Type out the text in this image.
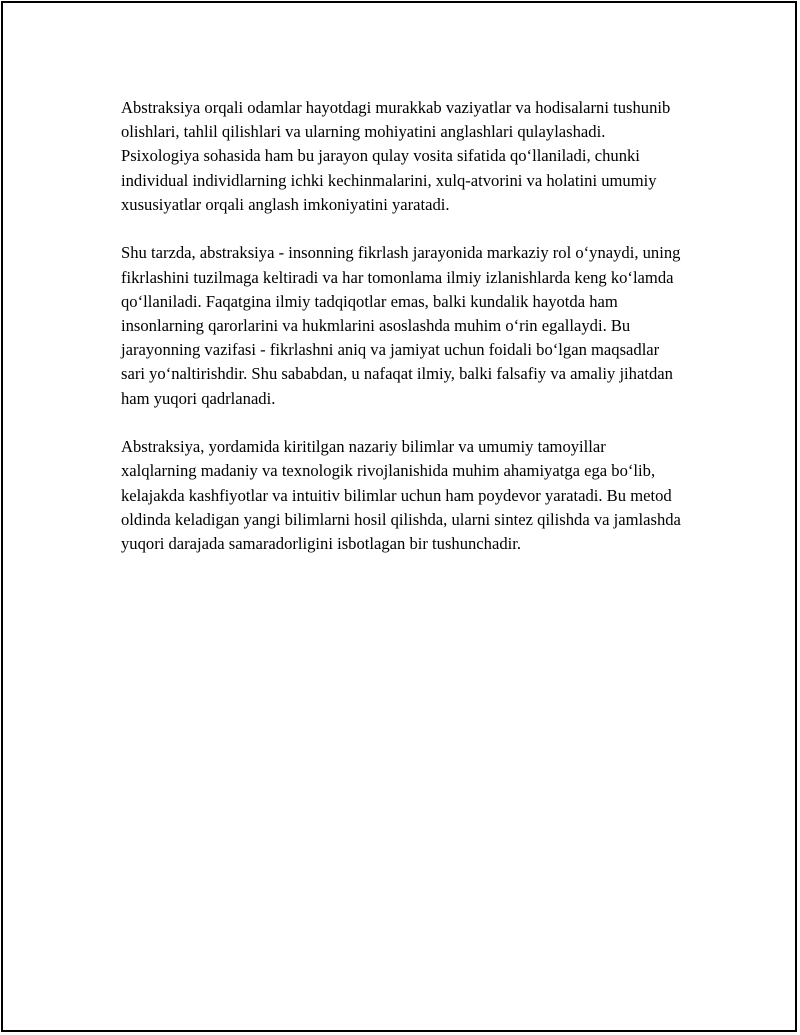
Abstraksiya orqali odamlar hayotdagi murakkab vaziyatlar va hodisalarni tushunib olishlari, tahlil qilishlari va ularning mohiyatini anglashlari qulaylashadi. Psixologiya sohasida ham bu jarayon qulay vosita sifatida qo‘llaniladi, chunki individual individlarning ichki kechinmalarini, xulq-atvorini va holatini umumiy xususiyatlar orqali anglash imkoniyatini yaratadi.

Shu tarzda, abstraksiya - insonning fikrlash jarayonida markaziy rol o‘ynaydi, uning fikrlashini tuzilmaga keltiradi va har tomonlama ilmiy izlanishlarda keng ko‘lamda qo‘llaniladi. Faqatgina ilmiy tadqiqotlar emas, balki kundalik hayotda ham insonlarning qarorlarini va hukmlarini asoslashda muhim o‘rin egallaydi. Bu jarayonning vazifasi - fikrlashni aniq va jamiyat uchun foidali bo‘lgan maqsadlar sari yo‘naltirishdir. Shu sababdan, u nafaqat ilmiy, balki falsafiy va amaliy jihatdan ham yuqori qadrlanadi.

Abstraksiya, yordamida kiritilgan nazariy bilimlar va umumiy tamoyillar xalqlarning madaniy va texnologik rivojlanishida muhim ahamiyatga ega bo‘lib, kelajakda kashfiyotlar va intuitiv bilimlar uchun ham poydevor yaratadi. Bu metod oldinda keladigan yangi bilimlarni hosil qilishda, ularni sintez qilishda va jamlashda yuqori darajada samaradorligini isbotlagan bir tushunchadir.
